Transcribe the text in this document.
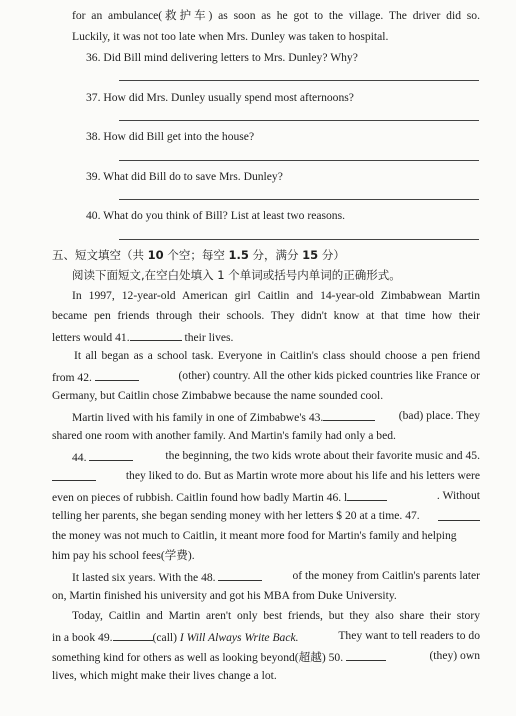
for an ambulance(救护车) as soon as he got to the village. The driver did so.
Luckily, it was not too late when Mrs. Dunley was taken to hospital.
36. Did Bill mind delivering letters to Mrs. Dunley? Why?
37. How did Mrs. Dunley usually spend most afternoons?
38. How did Bill get into the house?
39. What did Bill do to save Mrs. Dunley?
40. What do you think of Bill? List at least two reasons.
五、短文填空（共 10 个空；每空 1.5 分，满分 15 分）
阅读下面短文,在空白处填入 1 个单词或括号内单词的正确形式。
In 1997, 12-year-old American girl Caitlin and 14-year-old Zimbabwean Martin
became pen friends through their schools. They didn't know at that time how their
letters would 41.	their lives.
It all began as a school task. Everyone in Caitlin's class should choose a pen friend
from 42.	(other) country. All the other kids picked countries like France or
Germany, but Caitlin chose Zimbabwe because the name sounded cool.
Martin lived with his family in one of Zimbabwe's 43.	(bad) place. They
shared one room with another family. And Martin's family had only a bed.
44.	the beginning, the two kids wrote about their favorite music and 45.
they liked to do. But as Martin wrote more about his life and his letters were
even on pieces of rubbish. Caitlin found how badly Martin 46. l	. Without
telling her parents, she began sending money with her letters $ 20 at a time. 47.
the money was not much to Caitlin, it meant more food for Martin's family and helping
him pay his school fees(学费).
It lasted six years. With the 48.	of the money from Caitlin's parents later
on, Martin finished his university and got his MBA from Duke University.
Today, Caitlin and Martin aren't only best friends, but they also share their story
in a book 49.	(call) I Will Always Write Back.	They want to tell readers to do
something kind for others as well as looking beyond(超越) 50.	(they) own
lives, which might make their lives change a lot.
